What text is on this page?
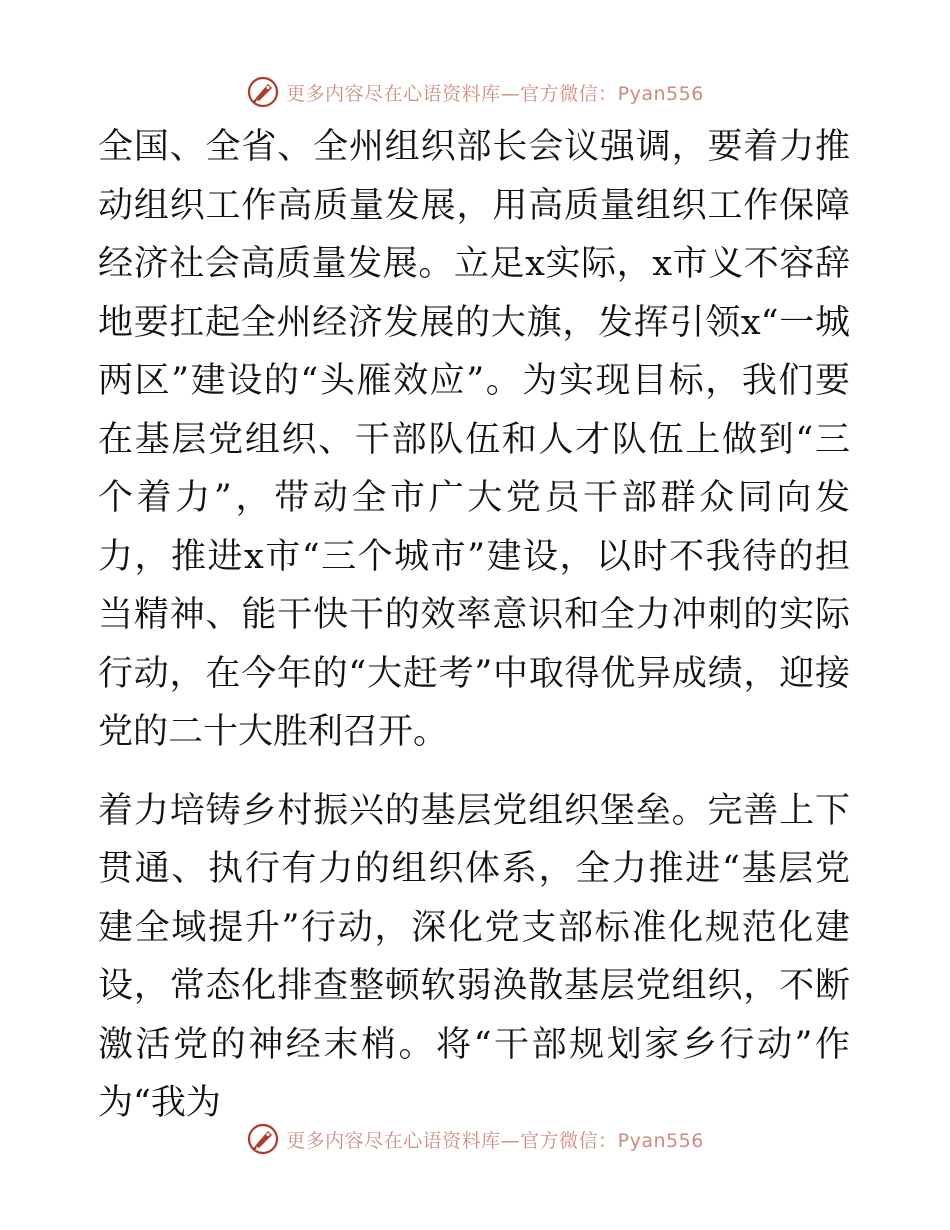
更多内容尽在心语资料库—官方微信：Pyan556

全国、全省、全州组织部长会议强调，要着力推动组织工作高质量发展，用高质量组织工作保障经济社会高质量发展。立足x实际，x市义不容辞地要扛起全州经济发展的大旗，发挥引领x“一城两区”建设的“头雁效应”。为实现目标，我们要在基层党组织、干部队伍和人才队伍上做到“三个着力”，带动全市广大党员干部群众同向发力，推进x市“三个城市”建设，以时不我待的担当精神、能干快干的效率意识和全力冲刺的实际行动，在今年的“大赶考”中取得优异成绩，迎接党的二十大胜利召开。

着力培铸乡村振兴的基层党组织堡垒。完善上下贯通、执行有力的组织体系，全力推进“基层党建全域提升”行动，深化党支部标准化规范化建设，常态化排查整顿软弱涣散基层党组织，不断激活党的神经末梢。将“干部规划家乡行动”作为“我为

更多内容尽在心语资料库—官方微信：Pyan556
